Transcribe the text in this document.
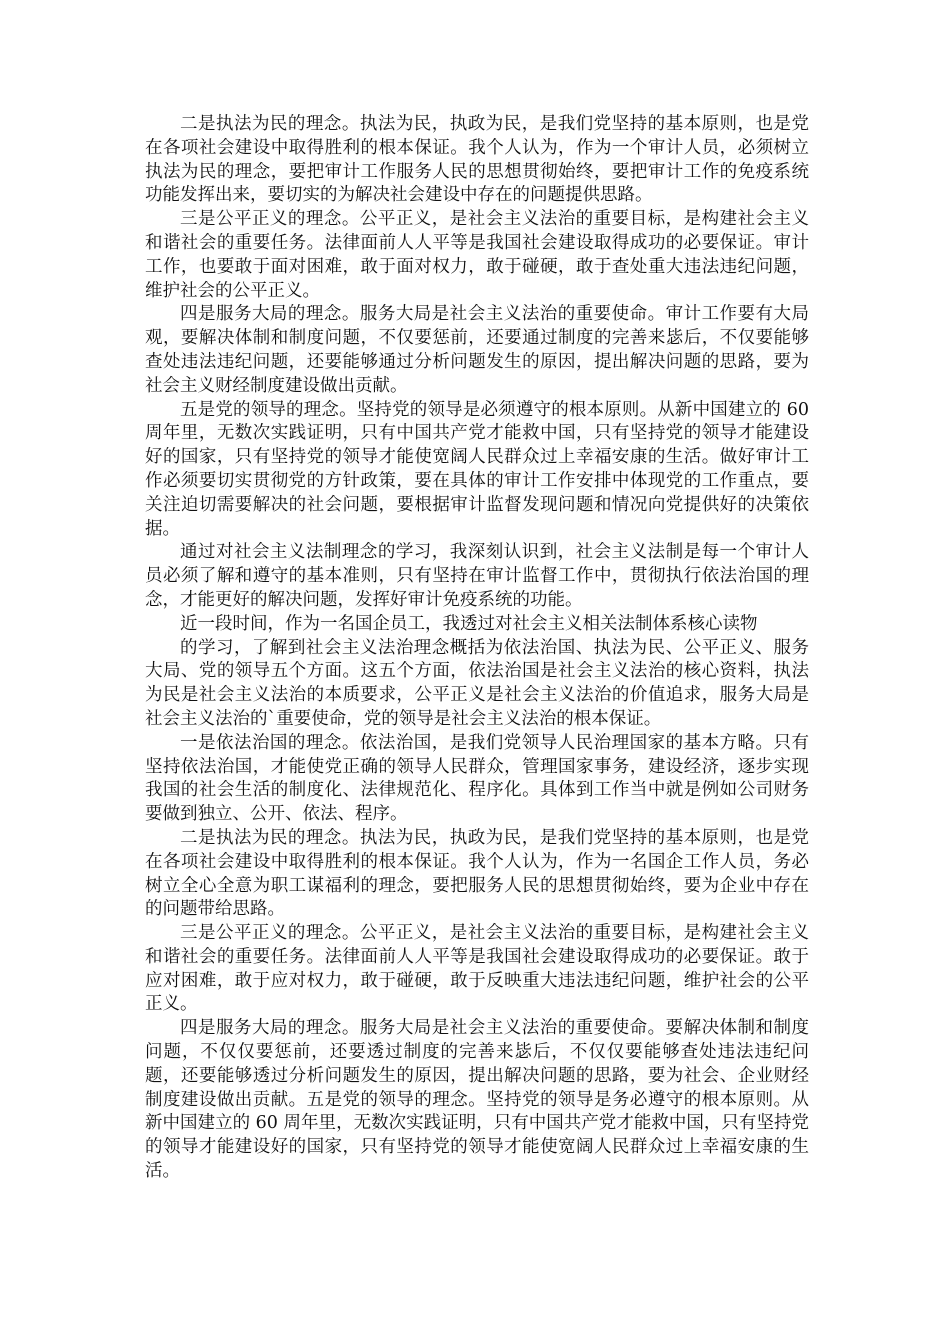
二是执法为民的理念。执法为民，执政为民，是我们党坚持的基本原则，也是党在各项社会建设中取得胜利的根本保证。我个人认为，作为一个审计人员，必须树立执法为民的理念，要把审计工作服务人民的思想贯彻始终，要把审计工作的免疫系统功能发挥出来，要切实的为解决社会建设中存在的问题提供思路。

三是公平正义的理念。公平正义，是社会主义法治的重要目标，是构建社会主义和谐社会的重要任务。法律面前人人平等是我国社会建设取得成功的必要保证。审计工作，也要敢于面对困难，敢于面对权力，敢于碰硬，敢于查处重大违法违纪问题，维护社会的公平正义。

四是服务大局的理念。服务大局是社会主义法治的重要使命。审计工作要有大局观，要解决体制和制度问题，不仅要惩前，还要通过制度的完善来毖后，不仅要能够查处违法违纪问题，还要能够通过分析问题发生的原因，提出解决问题的思路，要为社会主义财经制度建设做出贡献。

五是党的领导的理念。坚持党的领导是必须遵守的根本原则。从新中国建立的 60 周年里，无数次实践证明，只有中国共产党才能救中国，只有坚持党的领导才能建设好的国家，只有坚持党的领导才能使宽阔人民群众过上幸福安康的生活。做好审计工作必须要切实贯彻党的方针政策，要在具体的审计工作安排中体现党的工作重点，要关注迫切需要解决的社会问题，要根据审计监督发现问题和情况向党提供好的决策依据。

通过对社会主义法制理念的学习，我深刻认识到，社会主义法制是每一个审计人员必须了解和遵守的基本准则，只有坚持在审计监督工作中，贯彻执行依法治国的理念，才能更好的解决问题，发挥好审计免疫系统的功能。

近一段时间，作为一名国企员工，我透过对社会主义相关法制体系核心读物

的学习，了解到社会主义法治理念概括为依法治国、执法为民、公平正义、服务大局、党的领导五个方面。这五个方面，依法治国是社会主义法治的核心资料，执法为民是社会主义法治的本质要求，公平正义是社会主义法治的价值追求，服务大局是社会主义法治的`重要使命，党的领导是社会主义法治的根本保证。

一是依法治国的理念。依法治国，是我们党领导人民治理国家的基本方略。只有坚持依法治国，才能使党正确的领导人民群众，管理国家事务，建设经济，逐步实现我国的社会生活的制度化、法律规范化、程序化。具体到工作当中就是例如公司财务要做到独立、公开、依法、程序。

二是执法为民的理念。执法为民，执政为民，是我们党坚持的基本原则，也是党在各项社会建设中取得胜利的根本保证。我个人认为，作为一名国企工作人员，务必树立全心全意为职工谋福利的理念，要把服务人民的思想贯彻始终，要为企业中存在的问题带给思路。

三是公平正义的理念。公平正义，是社会主义法治的重要目标，是构建社会主义和谐社会的重要任务。法律面前人人平等是我国社会建设取得成功的必要保证。敢于应对困难，敢于应对权力，敢于碰硬，敢于反映重大违法违纪问题，维护社会的公平正义。

四是服务大局的理念。服务大局是社会主义法治的重要使命。要解决体制和制度问题，不仅仅要惩前，还要透过制度的完善来毖后，不仅仅要能够查处违法违纪问题，还要能够透过分析问题发生的原因，提出解决问题的思路，要为社会、企业财经制度建设做出贡献。五是党的领导的理念。坚持党的领导是务必遵守的根本原则。从新中国建立的 60 周年里，无数次实践证明，只有中国共产党才能救中国，只有坚持党的领导才能建设好的国家，只有坚持党的领导才能使宽阔人民群众过上幸福安康的生活。
